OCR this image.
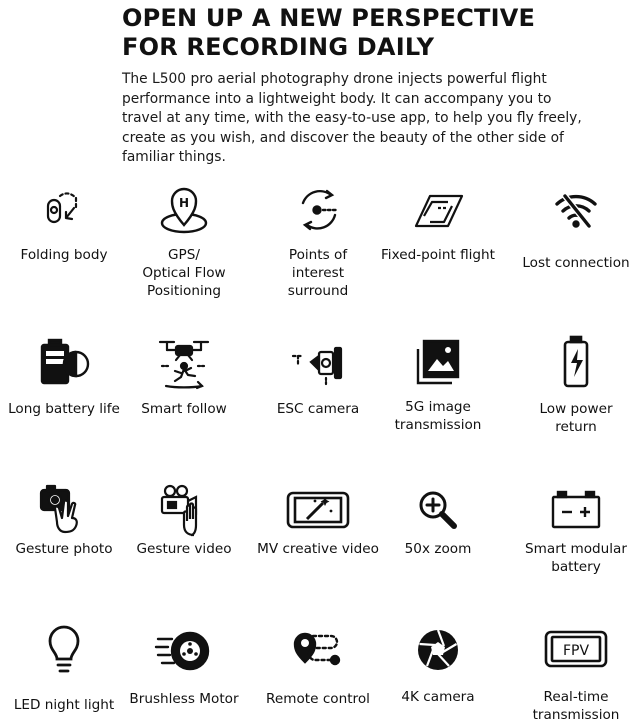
OPEN UP A NEW PERSPECTIVE
FOR RECORDING DAILY

The L500 pro aerial photography drone injects powerful flight performance into a lightweight body. It can accompany you to travel at any time, with the easy-to-use app, to help you fly freely, create as you wish, and discover the beauty of the other side of familiar things.

Folding body
H
GPS/
Optical Flow
Positioning
Points of
interest
surround
Fixed-point flight	Lost connection
Long battery life	Smart follow	ESC camera	5G image
transmission
Low power
return
Gesture photo	Gesture video	MV creative video	50x zoom	Smart modular
battery
LED night light	Brushless Motor	Remote control	4K camera
FPV
Real-time
transmission
